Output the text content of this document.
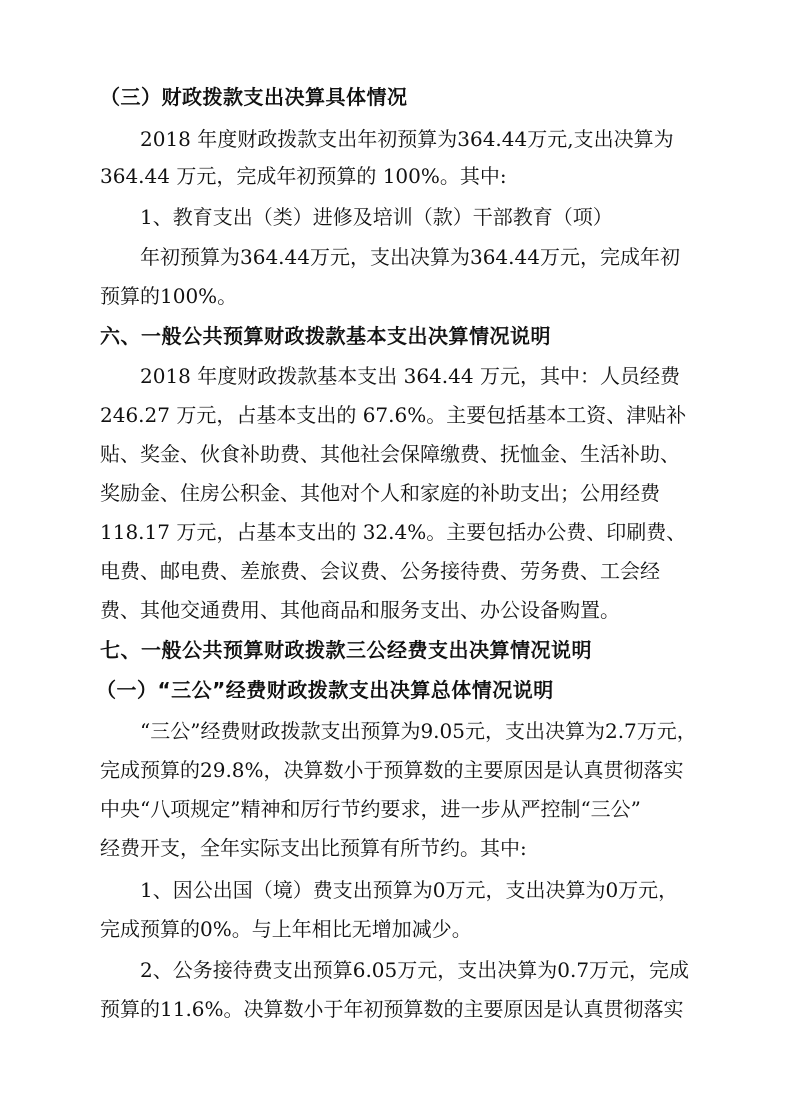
（三）财政拨款支出决算具体情况
2018 年度财政拨款支出年初预算为364.44万元,支出决算为
364.44 万元，完成年初预算的 100%。其中:
1、教育支出（类）进修及培训（款）干部教育（项）
年初预算为364.44万元，支出决算为364.44万元，完成年初
预算的100%。
六、一般公共预算财政拨款基本支出决算情况说明
2018 年度财政拨款基本支出 364.44 万元，其中：人员经费
246.27 万元，占基本支出的 67.6%。主要包括基本工资、津贴补
贴、奖金、伙食补助费、其他社会保障缴费、抚恤金、生活补助、
奖励金、住房公积金、其他对个人和家庭的补助支出；公用经费
118.17 万元，占基本支出的 32.4%。主要包括办公费、印刷费、
电费、邮电费、差旅费、会议费、公务接待费、劳务费、工会经
费、其他交通费用、其他商品和服务支出、办公设备购置。
七、一般公共预算财政拨款三公经费支出决算情况说明
（一）“三公”经费财政拨款支出决算总体情况说明
“三公”经费财政拨款支出预算为9.05元，支出决算为2.7万元，
完成预算的29.8%，决算数小于预算数的主要原因是认真贯彻落实
中央“八项规定”精神和厉行节约要求，进一步从严控制“三公”
经费开支，全年实际支出比预算有所节约。其中:
1、因公出国（境）费支出预算为0万元，支出决算为0万元，
完成预算的0%。与上年相比无增加减少。
2、公务接待费支出预算6.05万元，支出决算为0.7万元，完成
预算的11.6%。决算数小于年初预算数的主要原因是认真贯彻落实
